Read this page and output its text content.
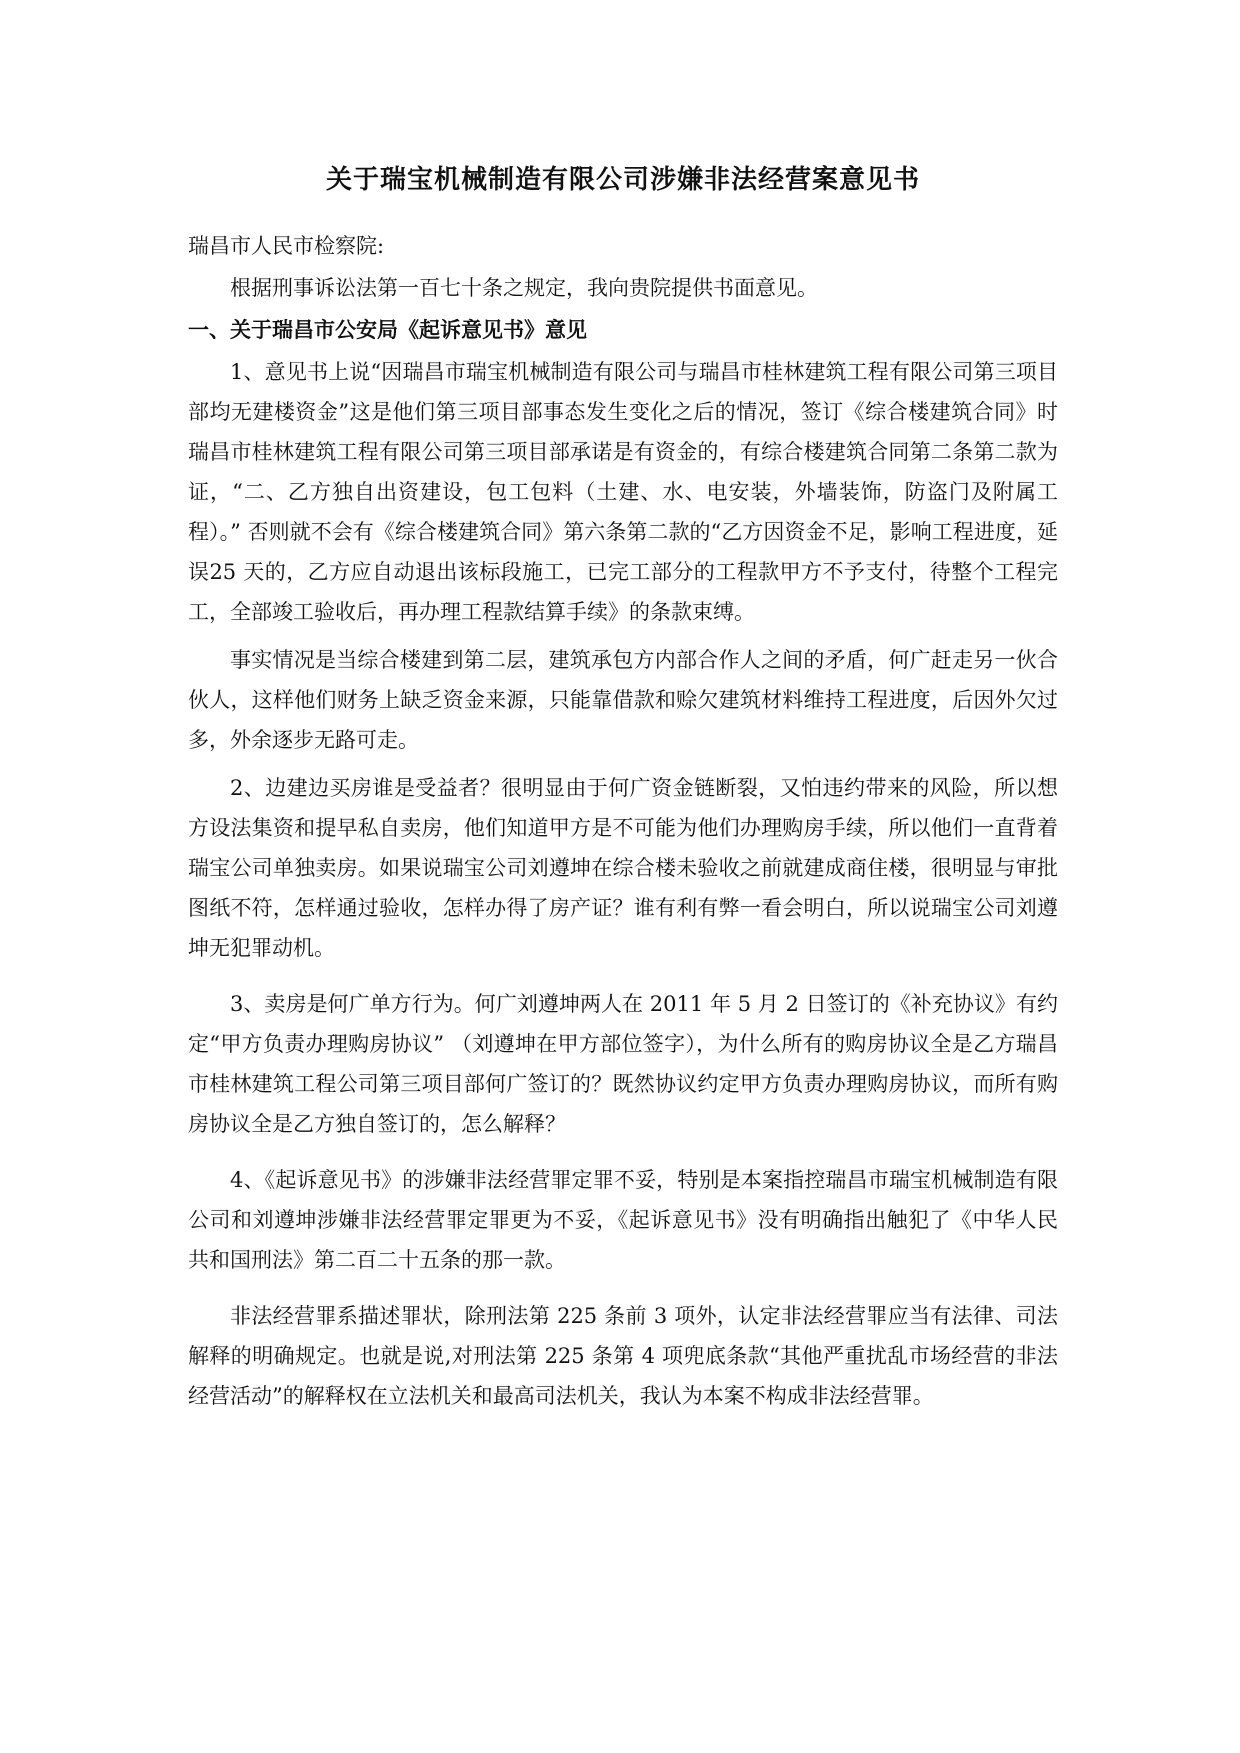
关于瑞宝机械制造有限公司涉嫌非法经营案意见书

瑞昌市人民市检察院:

根据刑事诉讼法第一百七十条之规定，我向贵院提供书面意见。

一、关于瑞昌市公安局《起诉意见书》意见

1、意见书上说“因瑞昌市瑞宝机械制造有限公司与瑞昌市桂林建筑工程有限公司第三项目部均无建楼资金”这是他们第三项目部事态发生变化之后的情况，签订《综合楼建筑合同》时瑞昌市桂林建筑工程有限公司第三项目部承诺是有资金的，有综合楼建筑合同第二条第二款为证，“二、乙方独自出资建设，包工包料（土建、水、电安装，外墙装饰，防盗门及附属工程）。” 否则就不会有《综合楼建筑合同》第六条第二款的“乙方因资金不足，影响工程进度，延误25 天的，乙方应自动退出该标段施工，已完工部分的工程款甲方不予支付，待整个工程完工，全部竣工验收后，再办理工程款结算手续》的条款束缚。

事实情况是当综合楼建到第二层，建筑承包方内部合作人之间的矛盾，何广赶走另一伙合伙人，这样他们财务上缺乏资金来源，只能靠借款和赊欠建筑材料维持工程进度，后因外欠过多，外余逐步无路可走。

2、边建边买房谁是受益者？很明显由于何广资金链断裂，又怕违约带来的风险，所以想方设法集资和提早私自卖房，他们知道甲方是不可能为他们办理购房手续，所以他们一直背着瑞宝公司单独卖房。如果说瑞宝公司刘遵坤在综合楼未验收之前就建成商住楼，很明显与审批图纸不符，怎样通过验收，怎样办得了房产证？谁有利有弊一看会明白，所以说瑞宝公司刘遵坤无犯罪动机。

3、卖房是何广单方行为。何广刘遵坤两人在 2011 年 5 月 2 日签订的《补充协议》有约定“甲方负责办理购房协议” （刘遵坤在甲方部位签字），为什么所有的购房协议全是乙方瑞昌市桂林建筑工程公司第三项目部何广签订的？既然协议约定甲方负责办理购房协议，而所有购房协议全是乙方独自签订的，怎么解释？

4、《起诉意见书》的涉嫌非法经营罪定罪不妥，特别是本案指控瑞昌市瑞宝机械制造有限公司和刘遵坤涉嫌非法经营罪定罪更为不妥，《起诉意见书》没有明确指出触犯了《中华人民共和国刑法》第二百二十五条的那一款。

非法经营罪系描述罪状，除刑法第 225 条前 3 项外，认定非法经营罪应当有法律、司法解释的明确规定。也就是说,对刑法第 225 条第 4 项兜底条款“其他严重扰乱市场经营的非法经营活动”的解释权在立法机关和最高司法机关，我认为本案不构成非法经营罪。
